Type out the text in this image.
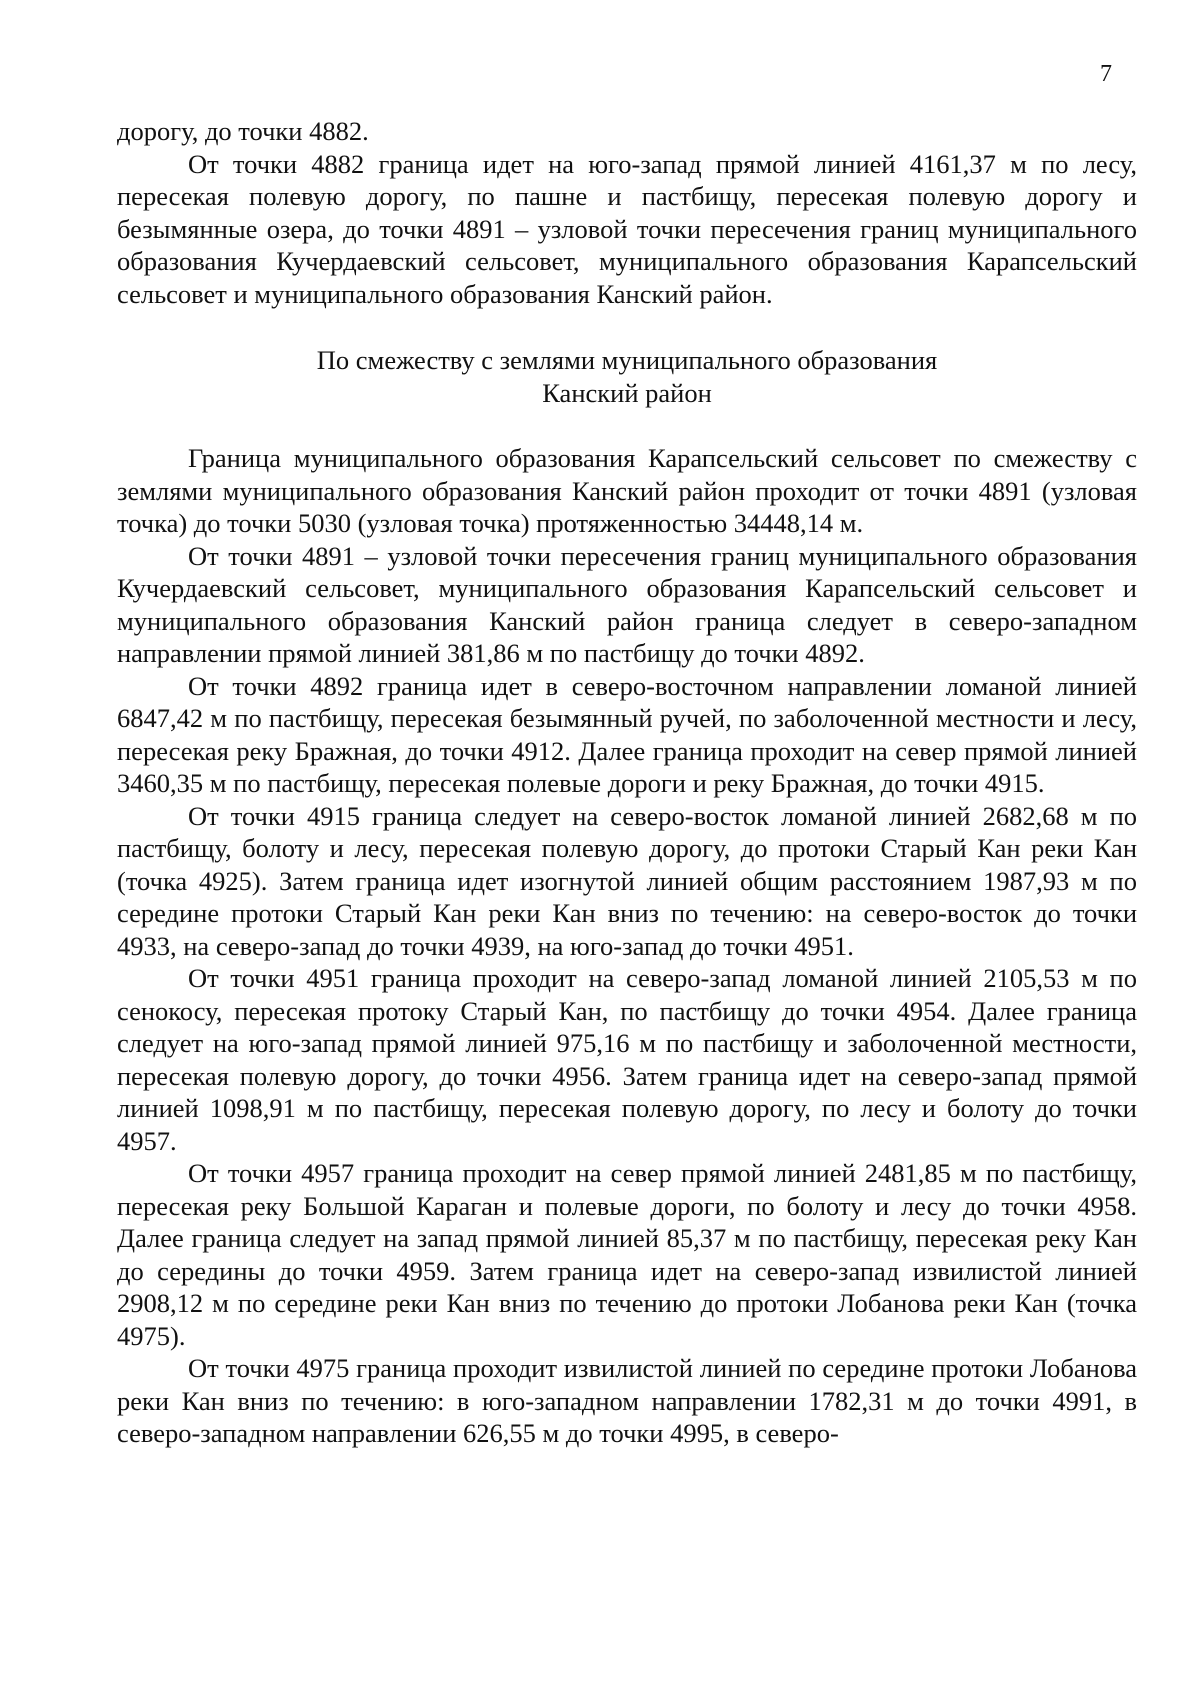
7

дорогу, до точки 4882.

От точки 4882 граница идет на юго-запад прямой линией 4161,37 м по лесу, пересекая полевую дорогу, по пашне и пастбищу, пересекая полевую дорогу и безымянные озера, до точки 4891 – узловой точки пересечения границ муниципального образования Кучердаевский сельсовет, муниципального образования Карапсельский сельсовет и муниципального образования Канский район.

По смежеству с землями муниципального образования
Канский район

Граница муниципального образования Карапсельский сельсовет по смежеству с землями муниципального образования Канский район проходит от точки 4891 (узловая точка) до точки 5030 (узловая точка) протяженностью 34448,14 м.

От точки 4891 – узловой точки пересечения границ муниципального образования Кучердаевский сельсовет, муниципального образования Карапсельский сельсовет и муниципального образования Канский район граница следует в северо-западном направлении прямой линией 381,86 м по пастбищу до точки 4892.

От точки 4892 граница идет в северо-восточном направлении ломаной линией 6847,42 м по пастбищу, пересекая безымянный ручей, по заболоченной местности и лесу, пересекая реку Бражная, до точки 4912. Далее граница проходит на север прямой линией 3460,35 м по пастбищу, пересекая полевые дороги и реку Бражная, до точки 4915.

От точки 4915 граница следует на северо-восток ломаной линией 2682,68 м по пастбищу, болоту и лесу, пересекая полевую дорогу, до протоки Старый Кан реки Кан (точка 4925). Затем граница идет изогнутой линией общим расстоянием 1987,93 м по середине протоки Старый Кан реки Кан вниз по течению: на северо-восток до точки 4933, на северо-запад до точки 4939, на юго-запад до точки 4951.

От точки 4951 граница проходит на северо-запад ломаной линией 2105,53 м по сенокосу, пересекая протоку Старый Кан, по пастбищу до точки 4954. Далее граница следует на юго-запад прямой линией 975,16 м по пастбищу и заболоченной местности, пересекая полевую дорогу, до точки 4956. Затем граница идет на северо-запад прямой линией 1098,91 м по пастбищу, пересекая полевую дорогу, по лесу и болоту до точки 4957.

От точки 4957 граница проходит на север прямой линией 2481,85 м по пастбищу, пересекая реку Большой Караган и полевые дороги, по болоту и лесу до точки 4958. Далее граница следует на запад прямой линией 85,37 м по пастбищу, пересекая реку Кан до середины до точки 4959. Затем граница идет на северо-запад извилистой линией 2908,12 м по середине реки Кан вниз по течению до протоки Лобанова реки Кан (точка 4975).

От точки 4975 граница проходит извилистой линией по середине протоки Лобанова реки Кан вниз по течению: в юго-западном направлении 1782,31 м до точки 4991, в северо-западном направлении 626,55 м до точки 4995, в северо-
